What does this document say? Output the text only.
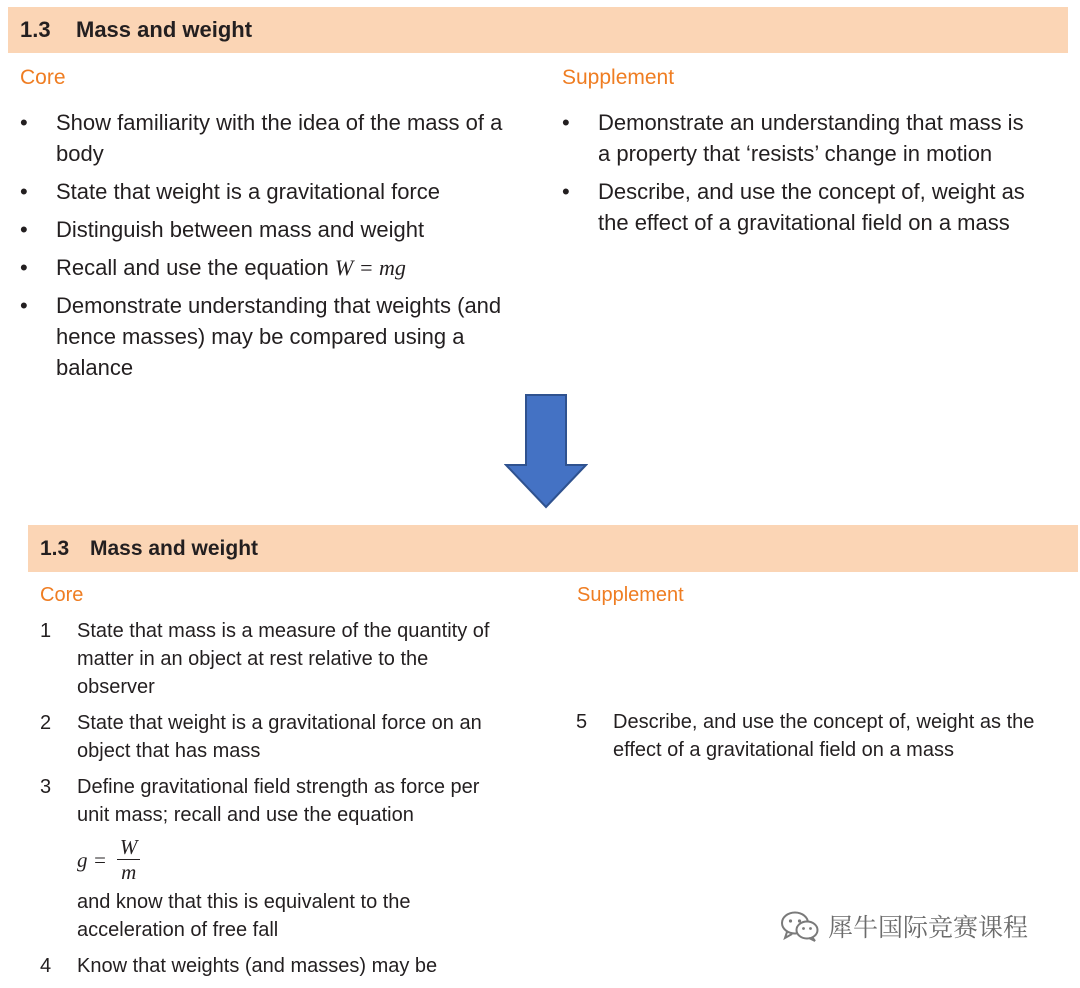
1.3	Mass and weight
Core	Supplement
• Show familiarity with the idea of the mass of a body
• State that weight is a gravitational force
• Distinguish between mass and weight
• Recall and use the equation W = mg
• Demonstrate understanding that weights (and hence masses) may be compared using a balance
• Demonstrate an understanding that mass is a property that ‘resists’ change in motion
• Describe, and use the concept of, weight as the effect of a gravitational field on a mass
1.3 Mass and weight
Core	Supplement
1 State that mass is a measure of the quantity of matter in an object at rest relative to the observer
2 State that weight is a gravitational force on an object that has mass
3 Define gravitational field strength as force per unit mass; recall and use the equation
$g = \frac{W}{m}$
and know that this is equivalent to the acceleration of free fall
4 Know that weights (and masses) may be
5 Describe, and use the concept of, weight as the effect of a gravitational field on a mass
犀牛国际竞赛课程
